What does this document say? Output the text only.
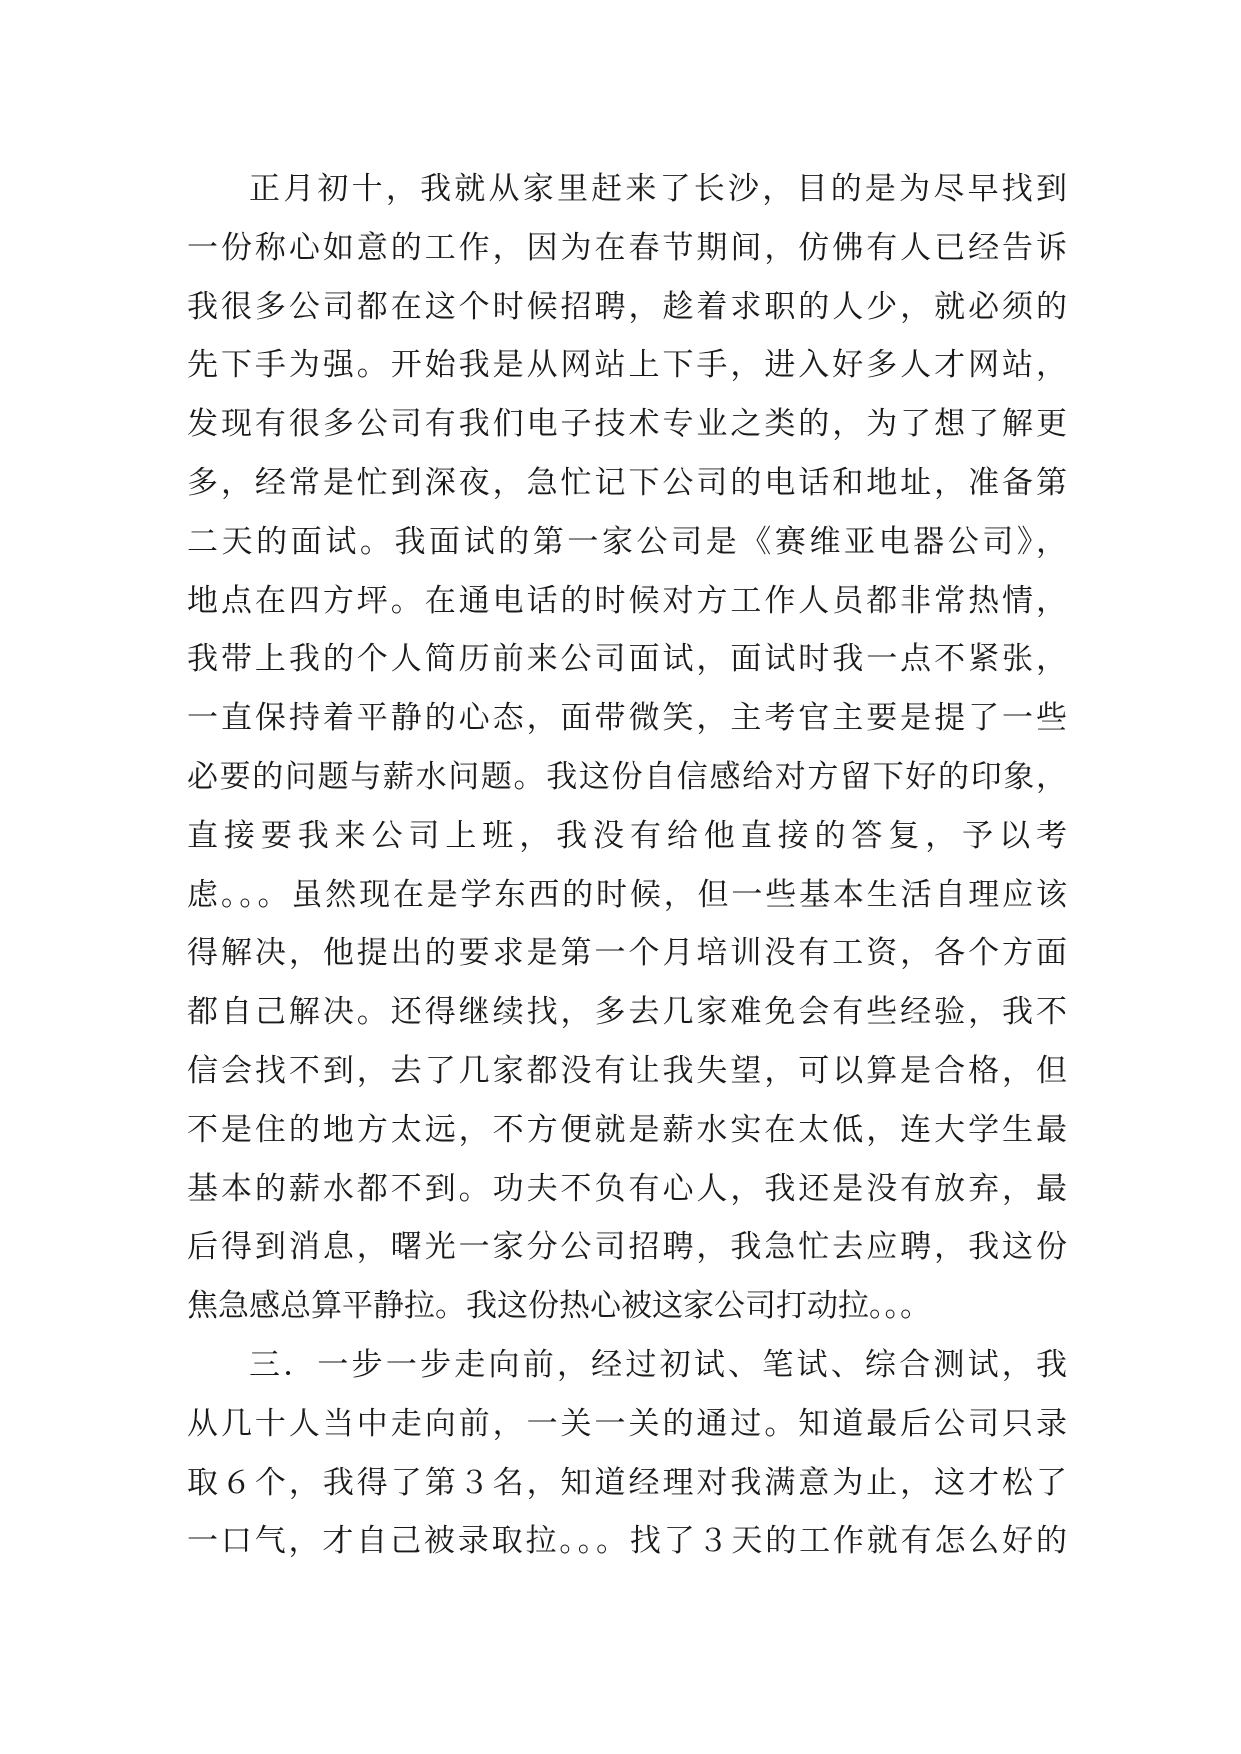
正月初十，我就从家里赶来了长沙，目的是为尽早找到
一份称心如意的工作，因为在春节期间，仿佛有人已经告诉
我很多公司都在这个时候招聘，趁着求职的人少，就必须的
先下手为强。开始我是从网站上下手，进入好多人才网站，
发现有很多公司有我们电子技术专业之类的，为了想了解更
多，经常是忙到深夜，急忙记下公司的电话和地址，准备第
二天的面试。我面试的第一家公司是《赛维亚电器公司》，
地点在四方坪。在通电话的时候对方工作人员都非常热情，
我带上我的个人简历前来公司面试，面试时我一点不紧张，
一直保持着平静的心态，面带微笑，主考官主要是提了一些
必要的问题与薪水问题。我这份自信感给对方留下好的印象，
直接要我来公司上班，我没有给他直接的答复，予以考
虑。。。虽然现在是学东西的时候，但一些基本生活自理应该
得解决，他提出的要求是第一个月培训没有工资，各个方面
都自己解决。还得继续找，多去几家难免会有些经验，我不
信会找不到，去了几家都没有让我失望，可以算是合格，但
不是住的地方太远，不方便就是薪水实在太低，连大学生最
基本的薪水都不到。功夫不负有心人，我还是没有放弃，最
后得到消息，曙光一家分公司招聘，我急忙去应聘，我这份
焦急感总算平静拉。我这份热心被这家公司打动拉。。。
三．一步一步走向前，经过初试、笔试、综合测试，我
从几十人当中走向前，一关一关的通过。知道最后公司只录
取６个，我得了第３名，知道经理对我满意为止，这才松了
一口气，才自己被录取拉。。。找了３天的工作就有怎么好的
